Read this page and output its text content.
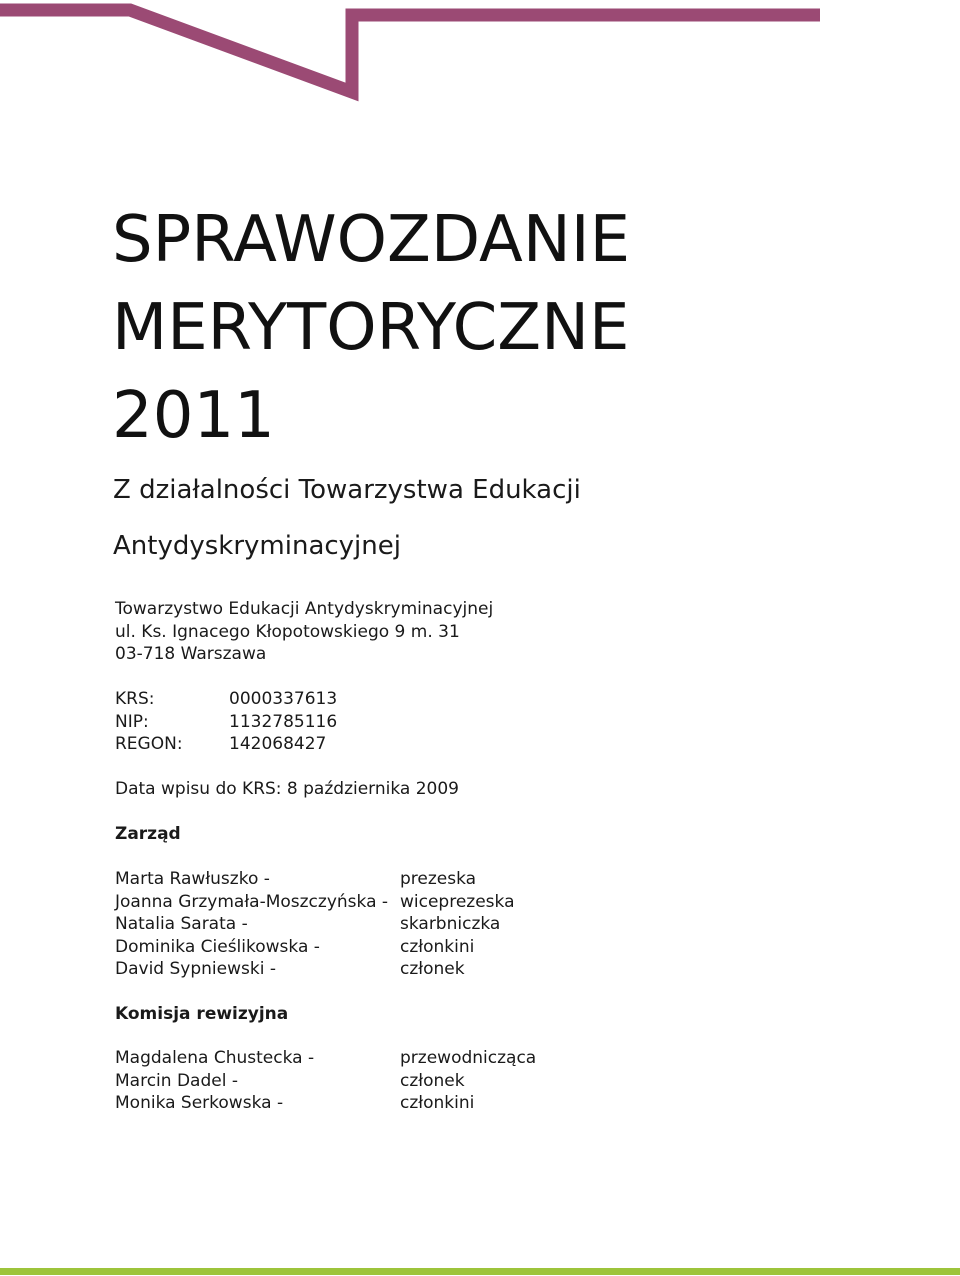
SPRAWOZDANIE
MERYTORYCZNE
2011
Z działalności Towarzystwa Edukacji
Antydyskryminacyjnej
Towarzystwo Edukacji Antydyskryminacyjnej
ul. Ks. Ignacego Kłopotowskiego 9 m. 31
03-718 Warszawa
KRS:	0000337613
NIP:	1132785116
REGON:	142068427
Data wpisu do KRS: 8 października 2009
Zarząd
Marta Rawłuszko -	prezeska
Joanna Grzymała-Moszczyńska - wiceprezeska
Natalia Sarata -	skarbniczka
Dominika Cieślikowska -	członkini
David Sypniewski -	członek
Komisja rewizyjna
Magdalena Chustecka -	przewodnicząca
Marcin Dadel -	członek
Monika Serkowska -	członkini
